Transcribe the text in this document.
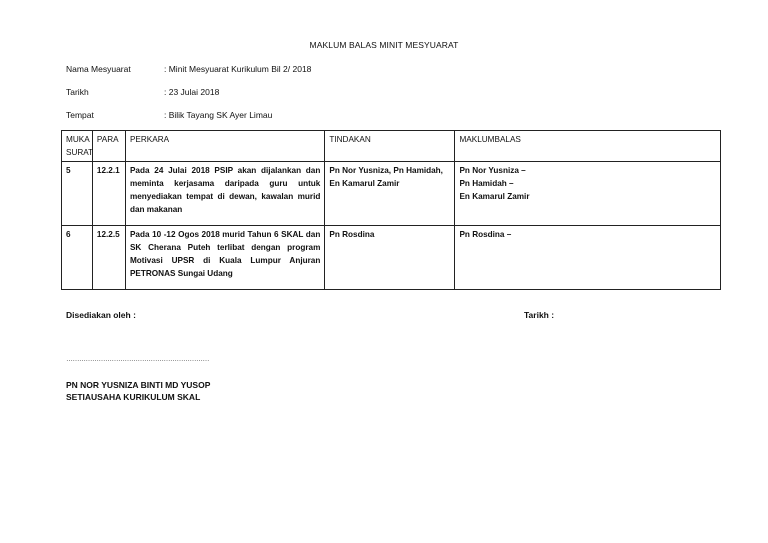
MAKLUM BALAS MINIT MESYUARAT
Nama Mesyuarat	: Minit Mesyuarat Kurikulum Bil 2/ 2018
Tarikh	: 23 Julai 2018
Tempat	: Bilik Tayang SK Ayer Limau
MUKA SURAT	PARA	PERKARA	TINDAKAN	MAKLUMBALAS
5	12.2.1	Pada 24 Julai 2018 PSIP akan dijalankan dan meminta kerjasama daripada guru untuk menyediakan tempat di dewan, kawalan murid dan makanan	Pn Nor Yusniza, Pn Hamidah, En Kamarul Zamir	Pn Nor Yusniza –
Pn Hamidah –
En Kamarul Zamir

6	12.2.5	Pada 10 -12 Ogos 2018 murid Tahun 6 SKAL dan SK Cherana Puteh terlibat dengan program Motivasi UPSR di Kuala Lumpur Anjuran PETRONAS Sungai Udang	Pn Rosdina	Pn Rosdina –
Disediakan oleh :	Tarikh :
…………………………………………………………
PN NOR YUSNIZA BINTI MD YUSOP
SETIAUSAHA KURIKULUM SKAL
